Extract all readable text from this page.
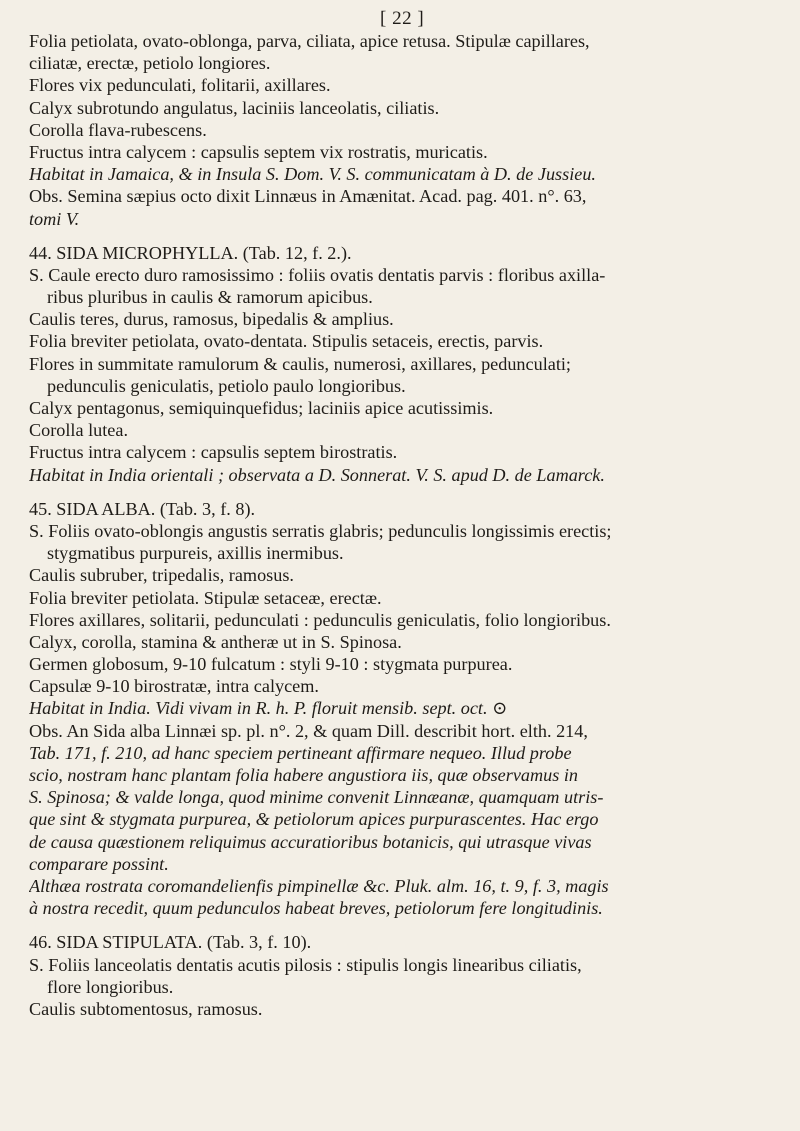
[ 22 ]
Folia petiolata, ovato-oblonga, parva, ciliata, apice retusa. Stipulæ capillares,
ciliatæ, erectæ, petiolo longiores.
Flores vix pedunculati, folitarii, axillares.
Calyx subrotundo angulatus, laciniis lanceolatis, ciliatis.
Corolla flava-rubescens.
Fructus intra calycem : capsulis septem vix rostratis, muricatis.
Habitat in Jamaica, & in Insula S. Dom. V. S. communicatam à D. de Jussieu.
Obs. Semina sæpius octo dixit Linnæus in Amænitat. Acad. pag. 401. n°. 63,
tomi V.
44. SIDA MICROPHYLLA. (Tab. 12, f. 2.).
S. Caule erecto duro ramosissimo : foliis ovatis dentatis parvis : floribus axilla-
ribus pluribus in caulis & ramorum apicibus.
Caulis teres, durus, ramosus, bipedalis & amplius.
Folia breviter petiolata, ovato-dentata. Stipulis setaceis, erectis, parvis.
Flores in summitate ramulorum & caulis, numerosi, axillares, pedunculati;
pedunculis geniculatis, petiolo paulo longioribus.
Calyx pentagonus, semiquinquefidus; laciniis apice acutissimis.
Corolla lutea.
Fructus intra calycem : capsulis septem birostratis.
Habitat in India orientali ; observata a D. Sonnerat. V. S. apud D. de Lamarck.
45. SIDA ALBA. (Tab. 3, f. 8).
S. Foliis ovato-oblongis angustis serratis glabris; pedunculis longissimis erectis;
stygmatibus purpureis, axillis inermibus.
Caulis subruber, tripedalis, ramosus.
Folia breviter petiolata. Stipulæ setaceæ, erectæ.
Flores axillares, solitarii, pedunculati : pedunculis geniculatis, folio longioribus.
Calyx, corolla, stamina & antheræ ut in S. Spinosa.
Germen globosum, 9-10 fulcatum : styli 9-10 : stygmata purpurea.
Capsulæ 9-10 birostratæ, intra calycem.
Habitat in India. Vidi vivam in R. h. P. floruit mensib. sept. oct. ⊙
Obs. An Sida alba Linnæi sp. pl. n°. 2, & quam Dill. describit hort. elth. 214,
Tab. 171, f. 210, ad hanc speciem pertineant affirmare nequeo. Illud probe
scio, nostram hanc plantam folia habere angustiora iis, quæ observamus in
S. Spinosa; & valde longa, quod minime convenit Linnæanæ, quamquam utris-
que sint & stygmata purpurea, & petiolorum apices purpurascentes. Hac ergo
de causa quæstionem reliquimus accuratioribus botanicis, qui utrasque vivas
comparare possint.
Althæa rostrata coromandelienfis pimpinellæ &c. Pluk. alm. 16, t. 9, f. 3, magis
à nostra recedit, quum pedunculos habeat breves, petiolorum fere longitudinis.
46. SIDA STIPULATA. (Tab. 3, f. 10).
S. Foliis lanceolatis dentatis acutis pilosis : stipulis longis linearibus ciliatis,
flore longioribus.
Caulis subtomentosus, ramosus.
